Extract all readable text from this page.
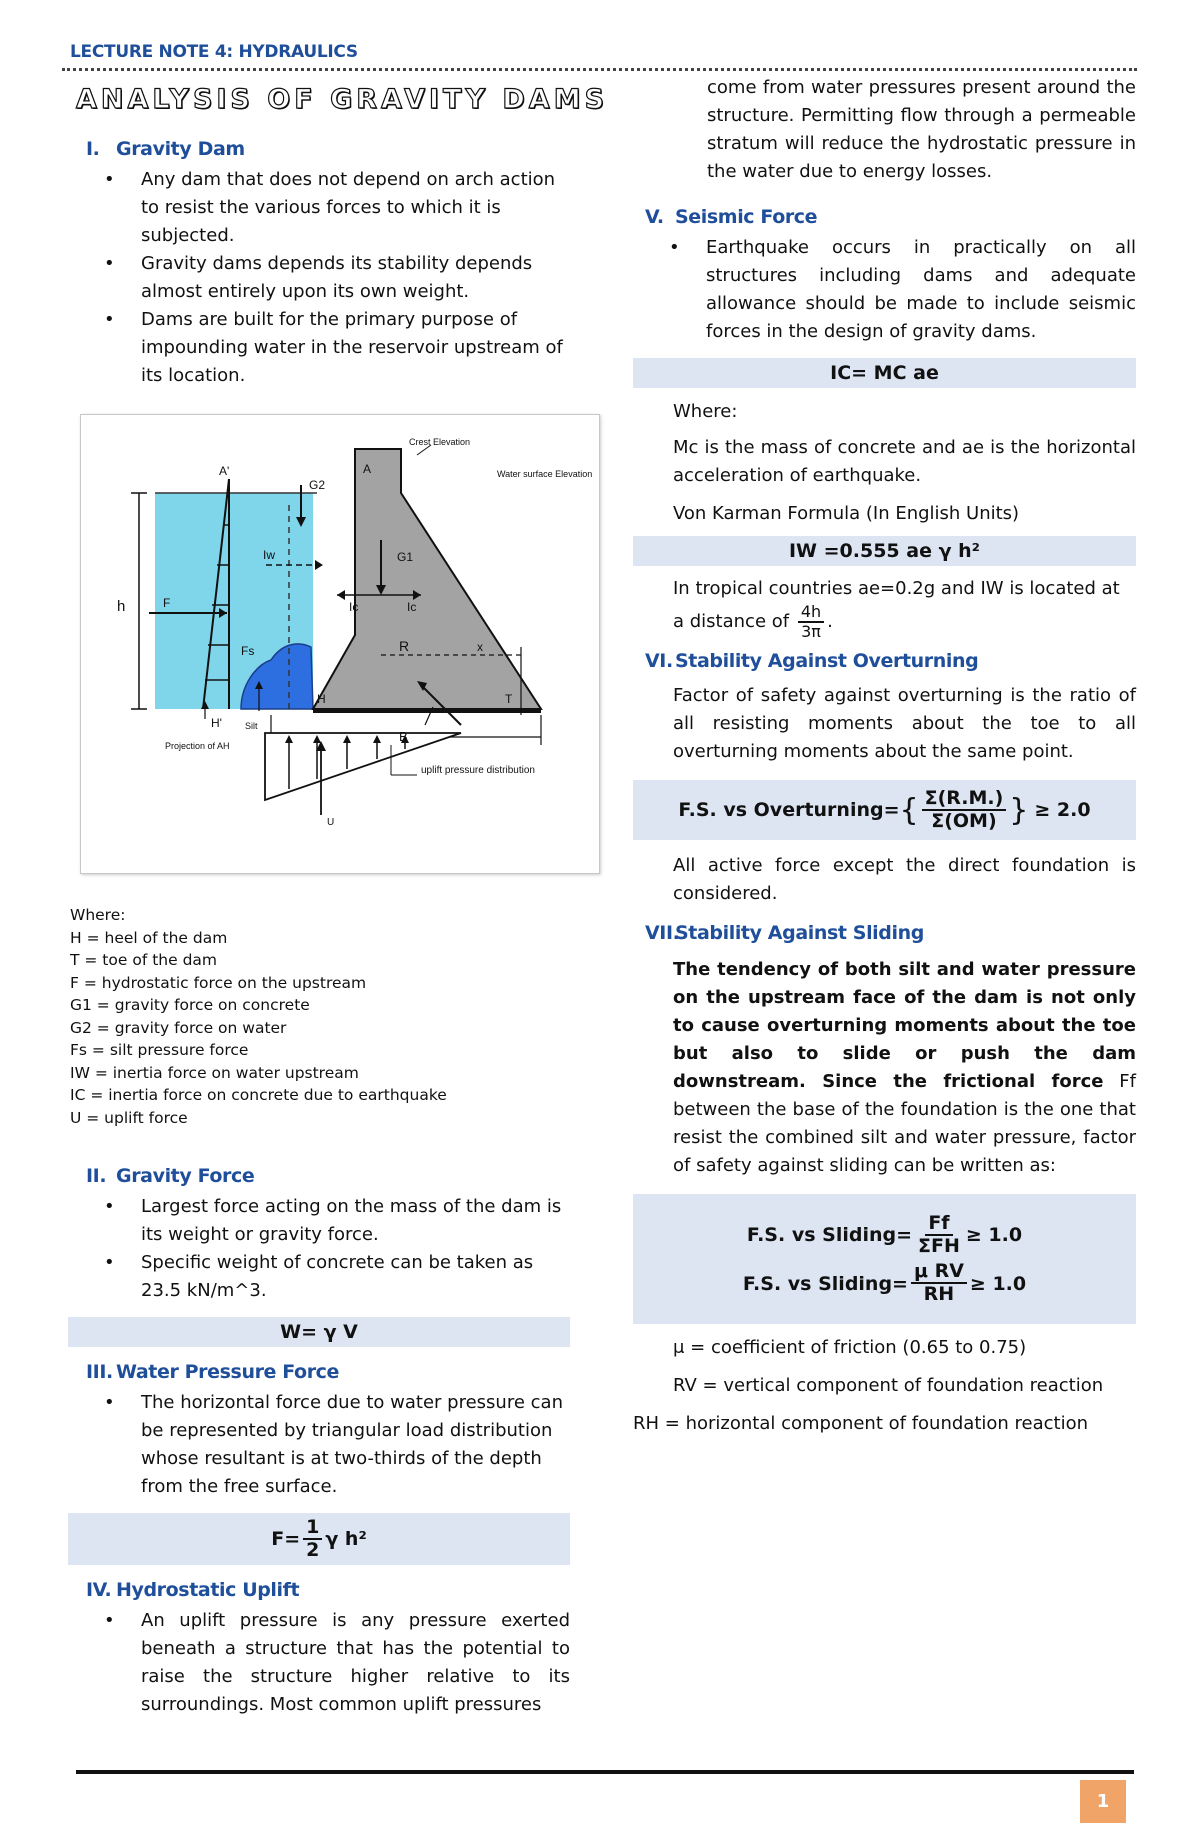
LECTURE NOTE 4: HYDRAULICS
ANALYSIS OF GRAVITY DAMS
I. Gravity Dam
• Any dam that does not depend on arch action to resist the various forces to which it is subjected.
• Gravity dams depends its stability depends almost entirely upon its own weight.
• Dams are built for the primary purpose of impounding water in the reservoir upstream of its location.
Crest Elevation
Water surface Elevation
h	F
A'	A
G2
G1
Iw
Ic	Ic
Fs	R	x
H	T
H'	Silt
Projection of AH
B
U
uplift pressure distribution
Where:
H = heel of the dam
T = toe of the dam
F = hydrostatic force on the upstream
G1 = gravity force on concrete
G2 = gravity force on water
Fs = silt pressure force
IW = inertia force on water upstream
IC = inertia force on concrete due to earthquake
U = uplift force
II. Gravity Force
• Largest force acting on the mass of the dam is its weight or gravity force.
• Specific weight of concrete can be taken as 23.5 kN/m^3.
W= γ V
III. Water Pressure Force
• The horizontal force due to water pressure can be represented by triangular load distribution whose resultant is at two-thirds of the depth from the free surface.
$F= \frac{1}{2}$ γ h²
IV. Hydrostatic Uplift
• An uplift pressure is any pressure exerted beneath a structure that has the potential to raise the structure higher relative to its surroundings. Most common uplift pressures
come from water pressures present around the structure. Permitting flow through a permeable stratum will reduce the hydrostatic pressure in the water due to energy losses.
V. Seismic Force
• Earthquake occurs in practically on all structures including dams and adequate allowance should be made to include seismic forces in the design of gravity dams.
IC= MC ae
Where:
Mc is the mass of concrete and ae is the horizontal acceleration of earthquake.
Von Karman Formula (In English Units)
IW =0.555 ae γ h²
In tropical countries ae=0.2g and IW is located at a distance of $\frac{4h}{3\pi}$ .
VI. Stability Against Overturning
Factor of safety against overturning is the ratio of all resisting moments about the toe to all overturning moments about the same point.
F.S. vs Overturning= { $\frac{\Sigma(R.M.)}{\Sigma(OM)}$ } ≥ 2.0
All active force except the direct foundation is considered.
VII.
Stability Against Sliding
The tendency of both silt and water pressure on the upstream face of the dam is not only to cause overturning moments about the toe but also to slide or push the dam downstream. Since the frictional force Ff between the base of the foundation is the one that resist the combined silt and water pressure, factor of safety against sliding can be written as:
F.S. vs Sliding= $\frac{Ff}{\text{ΣFH}} \ge 1.0$
F.S. vs Sliding= $\frac{\text{μ RV}}{RH} \ge 1.0$
μ = coefficient of friction (0.65 to 0.75)
RV = vertical component of foundation reaction
RH = horizontal component of foundation reaction
1
